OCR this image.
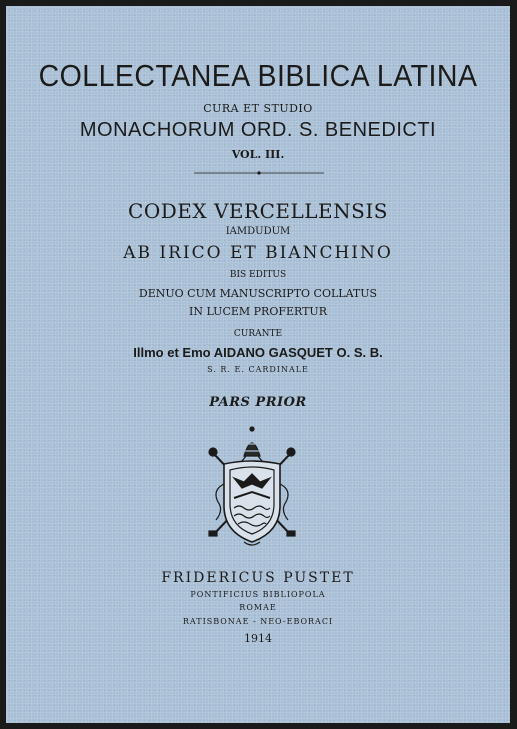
COLLECTANEA BIBLICA LATINA
CURA ET STUDIO
MONACHORUM ORD. S. BENEDICTI
VOL. III.
CODEX VERCELLENSIS
IAMDUDUM
AB IRICO ET BIANCHINO
BIS EDITUS
DENUO CUM MANUSCRIPTO COLLATUS
IN LUCEM PROFERTUR
CURANTE
Illmo et Emo AIDANO GASQUET O. S. B.
S. R. E. CARDINALE
PARS PRIOR
FRIDERICUS PUSTET
PONTIFICIUS BIBLIOPOLA
ROMAE
RATISBONAE - NEO-EBORACI
1914
